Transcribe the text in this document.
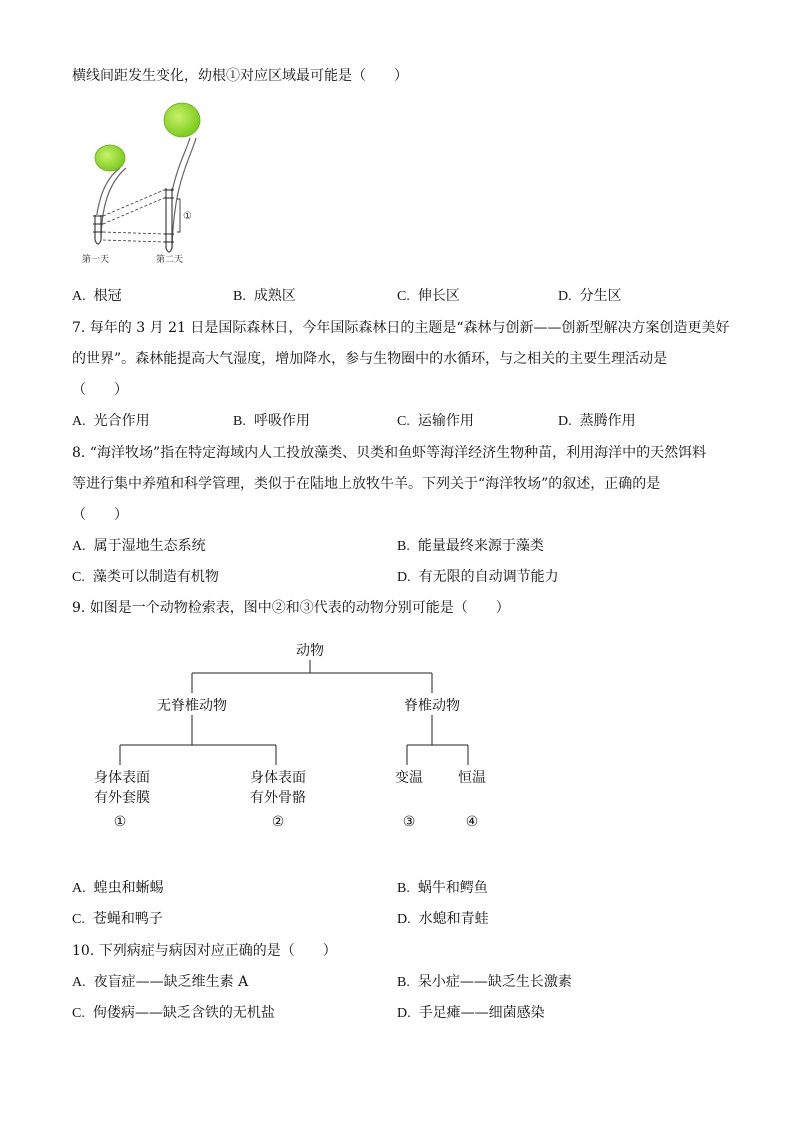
横线间距发生变化，幼根①对应区域最可能是（　　）
①
第一天	第二天
A. 根冠	B. 成熟区	C. 伸长区	D. 分生区
7. 每年的 3 月 21 日是国际森林日，今年国际森林日的主题是“森林与创新——创新型解决方案创造更美好
的世界”。森林能提高大气湿度，增加降水，参与生物圈中的水循环，与之相关的主要生理活动是
（　　）
A. 光合作用	B. 呼吸作用	C. 运输作用	D. 蒸腾作用
8. “海洋牧场”指在特定海域内人工投放藻类、贝类和鱼虾等海洋经济生物种苗，利用海洋中的天然饵料
等进行集中养殖和科学管理，类似于在陆地上放牧牛羊。下列关于“海洋牧场”的叙述，正确的是
（　　）
A. 属于湿地生态系统	B. 能量最终来源于藻类
C. 藻类可以制造有机物	D. 有无限的自动调节能力
9. 如图是一个动物检索表，图中②和③代表的动物分别可能是（　　）
动物
无脊椎动物	脊椎动物
身体表面
有外套膜
身体表面
有外骨骼
变温	恒温
①	②	③	④
A. 蝗虫和蜥蜴	B. 蜗牛和鳄鱼
C. 苍蝇和鸭子	D. 水螅和青蛙
10. 下列病症与病因对应正确的是（　　）
A. 夜盲症——缺乏维生素 A	B. 呆小症——缺乏生长激素
C. 佝偻病——缺乏含铁的无机盐	D. 手足瘫——细菌感染
